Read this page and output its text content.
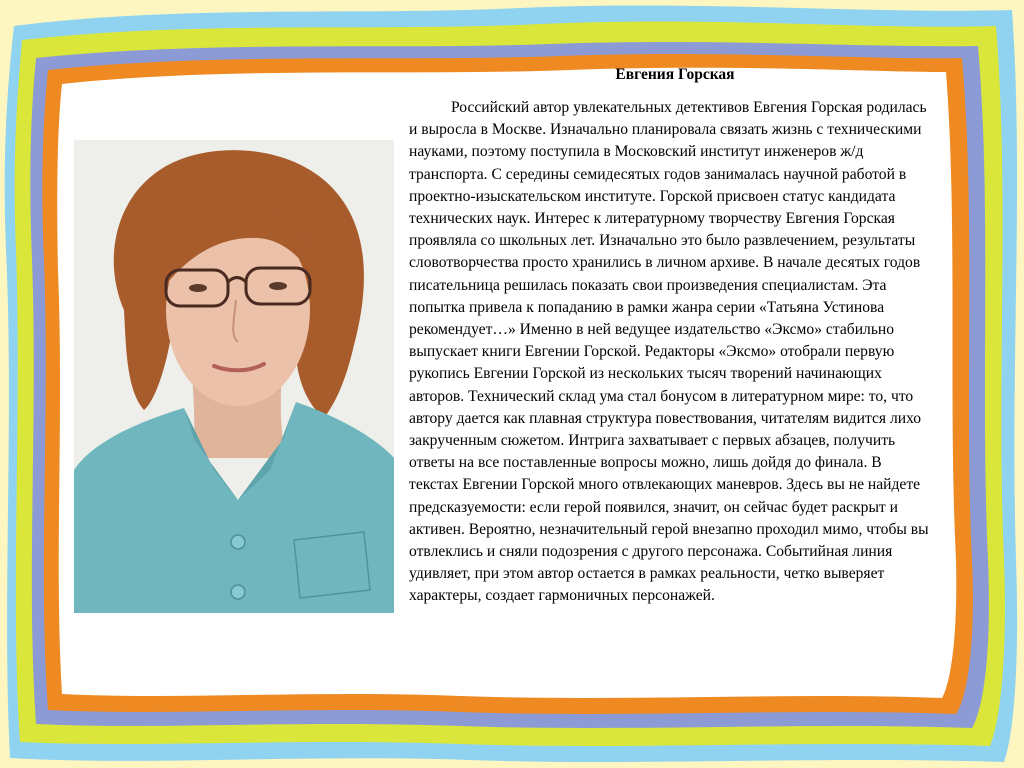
Евгения Горская

Российский автор увлекательных детективов Евгения Горская родилась и выросла в Москве. Изначально планировала связать жизнь с техническими науками, поэтому поступила в Московский институт инженеров ж/д транспорта. С середины семидесятых годов занималась научной работой в проектно-изыскательском институте. Горской присвоен статус кандидата технических наук. Интерес к литературному творчеству Евгения Горская проявляла со школьных лет. Изначально это было развлечением, результаты словотворчества просто хранились в личном архиве. В начале десятых годов писательница решилась показать свои произведения специалистам. Эта попытка привела к попаданию в рамки жанра серии «Татьяна Устинова рекомендует…» Именно в ней ведущее издательство «Эксмо» стабильно выпускает книги Евгении Горской. Редакторы «Эксмо» отобрали первую рукопись Евгении Горской из нескольких тысяч творений начинающих авторов. Технический склад ума стал бонусом в литературном мире: то, что автору дается как плавная структура повествования, читателям видится лихо закрученным сюжетом. Интрига захватывает с первых абзацев, получить ответы на все поставленные вопросы можно, лишь дойдя до финала. В текстах Евгении Горской много отвлекающих маневров. Здесь вы не найдете предсказуемости: если герой появился, значит, он сейчас будет раскрыт и активен. Вероятно, незначительный герой внезапно проходил мимо, чтобы вы отвлеклись и сняли подозрения с другого персонажа. Событийная линия удивляет, при этом автор остается в рамках реальности, четко выверяет характеры, создает гармоничных персонажей.
